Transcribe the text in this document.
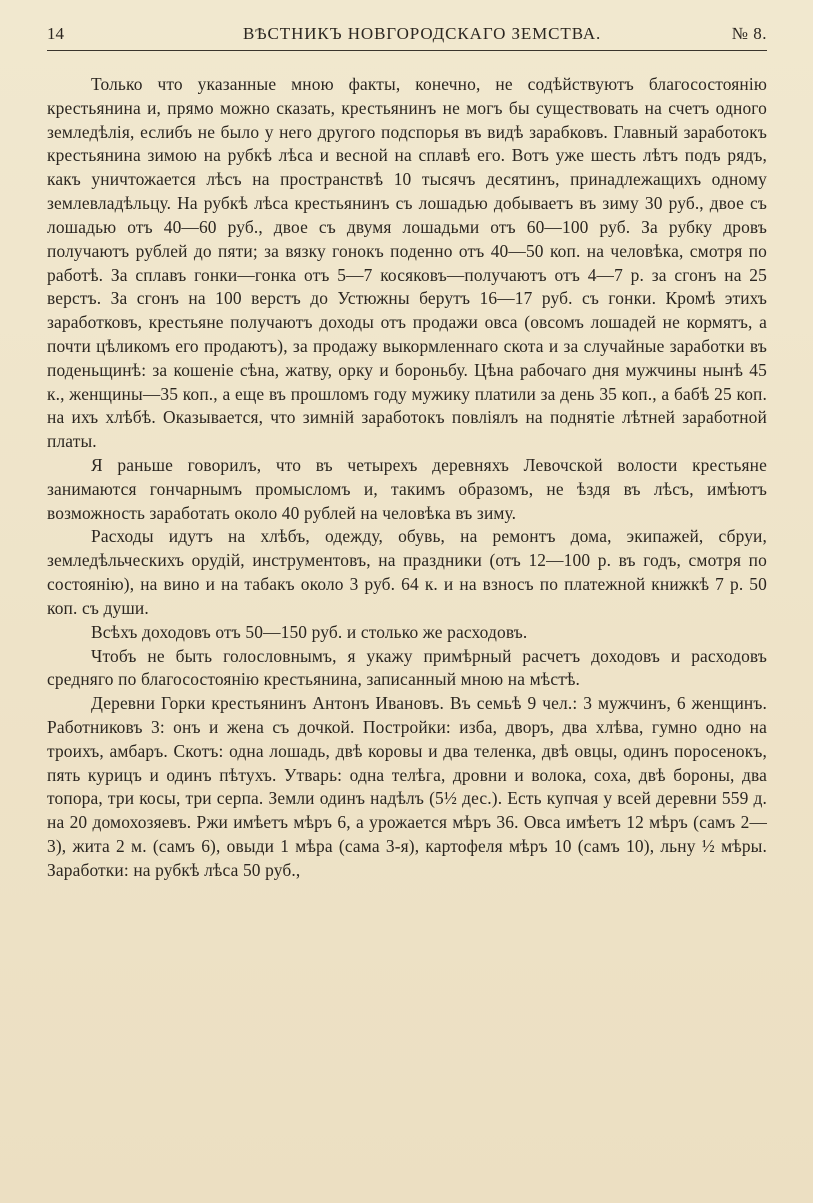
14	ВѢСТНИКЪ НОВГОРОДСКАГО ЗЕМСТВА.	№ 8.

Только что указанные мною факты, конечно, не содѣйствуютъ благосостоянію крестьянина и, прямо можно сказать, крестьянинъ не могъ бы существовать на счетъ одного земледѣлія, еслибъ не было у него другого подспорья въ видѣ зарабковъ. Главный заработокъ крестьянина зимою на рубкѣ лѣса и весной на сплавѣ его. Вотъ уже шесть лѣтъ подъ рядъ, какъ уничтожается лѣсъ на пространствѣ 10 тысячъ десятинъ, принадлежащихъ одному землевладѣльцу. На рубкѣ лѣса крестьянинъ съ лошадью добываетъ въ зиму 30 руб., двое съ лошадью отъ 40—60 руб., двое съ двумя лошадьми отъ 60—100 руб. За рубку дровъ получаютъ рублей до пяти; за вязку гонокъ поденно отъ 40—50 коп. на человѣка, смотря по работѣ. За сплавъ гонки—гонка отъ 5—7 косяковъ—получаютъ отъ 4—7 р. за сгонъ на 25 верстъ. За сгонъ на 100 верстъ до Устюжны берутъ 16—17 руб. съ гонки. Кромѣ этихъ заработковъ, крестьяне получаютъ доходы отъ продажи овса (овсомъ лошадей не кормятъ, а почти цѣликомъ его продаютъ), за продажу выкормленнаго скота и за случайные заработки въ поденьщинѣ: за кошеніе сѣна, жатву, орку и бороньбу. Цѣна рабочаго дня мужчины нынѣ 45 к., женщины—35 коп., а еще въ прошломъ году мужику платили за день 35 коп., а бабѣ 25 коп. на ихъ хлѣбѣ. Оказывается, что зимній заработокъ повліялъ на поднятіе лѣтней заработной платы.

Я раньше говорилъ, что въ четырехъ деревняхъ Левочской волости крестьяне занимаются гончарнымъ промысломъ и, такимъ образомъ, не ѣздя въ лѣсъ, имѣютъ возможность заработать около 40 рублей на человѣка въ зиму.

Расходы идутъ на хлѣбъ, одежду, обувь, на ремонтъ дома, экипажей, сбруи, земледѣльческихъ орудій, инструментовъ, на праздники (отъ 12—100 р. въ годъ, смотря по состоянію), на вино и на табакъ около 3 руб. 64 к. и на взносъ по платежной книжкѣ 7 р. 50 коп. съ души.

Всѣхъ доходовъ отъ 50—150 руб. и столько же расходовъ.

Чтобъ не быть голословнымъ, я укажу примѣрный расчетъ доходовъ и расходовъ средняго по благосостоянію крестьянина, записанный мною на мѣстѣ.

Деревни Горки крестьянинъ Антонъ Ивановъ. Въ семьѣ 9 чел.: 3 мужчинъ, 6 женщинъ. Работниковъ 3: онъ и жена съ дочкой. Постройки: изба, дворъ, два хлѣва, гумно одно на троихъ, амбаръ. Скотъ: одна лошадь, двѣ коровы и два теленка, двѣ овцы, одинъ поросенокъ, пять курицъ и одинъ пѣтухъ. Утварь: одна телѣга, дровни и волока, соха, двѣ бороны, два топора, три косы, три серпа. Земли одинъ надѣлъ (5½ дес.). Есть купчая у всей деревни 559 д. на 20 домохозяевъ. Ржи имѣетъ мѣръ 6, а урожается мѣръ 36. Овса имѣетъ 12 мѣръ (самъ 2—3), жита 2 м. (самъ 6), овыди 1 мѣра (сама 3-я), картофеля мѣръ 10 (самъ 10), льну ½ мѣры. Заработки: на рубкѣ лѣса 50 руб.,
